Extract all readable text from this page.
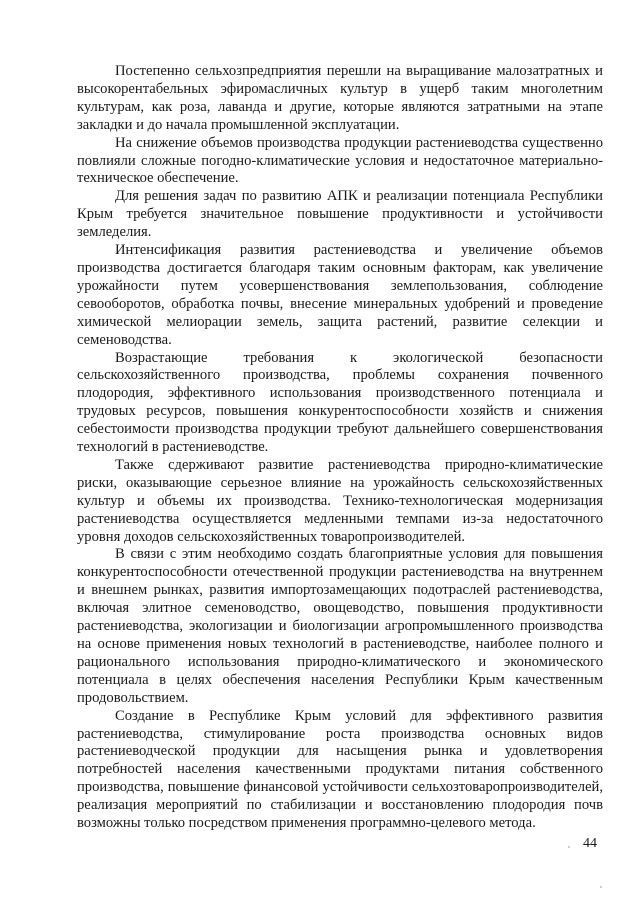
Постепенно сельхозпредприятия перешли на выращивание малозатратных и высокорентабельных эфиромасличных культур в ущерб таким многолетним культурам, как роза, лаванда и другие, которые являются затратными на этапе закладки и до начала промышленной эксплуатации.

На снижение объемов производства продукции растениеводства существенно повлияли сложные погодно-климатические условия и недостаточное материально-техническое обеспечение.

Для решения задач по развитию АПК и реализации потенциала Республики Крым требуется значительное повышение продуктивности и устойчивости земледелия.

Интенсификация развития растениеводства и увеличение объемов производства достигается благодаря таким основным факторам, как увеличение урожайности путем усовершенствования землепользования, соблюдение севооборотов, обработка почвы, внесение минеральных удобрений и проведение химической мелиорации земель, защита растений, развитие селекции и семеноводства.

Возрастающие требования к экологической безопасности сельскохозяйственного производства, проблемы сохранения почвенного плодородия, эффективного использования производственного потенциала и трудовых ресурсов, повышения конкурентоспособности хозяйств и снижения себестоимости производства продукции требуют дальнейшего совершенствования технологий в растениеводстве.

Также сдерживают развитие растениеводства природно-климатические риски, оказывающие серьезное влияние на урожайность сельскохозяйственных культур и объемы их производства. Технико-технологическая модернизация растениеводства осуществляется медленными темпами из-за недостаточного уровня доходов сельскохозяйственных товаропроизводителей.

В связи с этим необходимо создать благоприятные условия для повышения конкурентоспособности отечественной продукции растениеводства на внутреннем и внешнем рынках, развития импортозамещающих подотраслей растениеводства, включая элитное семеноводство, овощеводство, повышения продуктивности растениеводства, экологизации и биологизации агропромышленного производства на основе применения новых технологий в растениеводстве, наиболее полного и рационального использования природно-климатического и экономического потенциала в целях обеспечения населения Республики Крым качественным продовольствием.

Создание в Республике Крым условий для эффективного развития растениеводства, стимулирование роста производства основных видов растениеводческой продукции для насыщения рынка и удовлетворения потребностей населения качественными продуктами питания собственного производства, повышение финансовой устойчивости сельхозтоваропроизводителей, реализация мероприятий по стабилизации и восстановлению плодородия почв возможны только посредством применения программно-целевого метода.

44
